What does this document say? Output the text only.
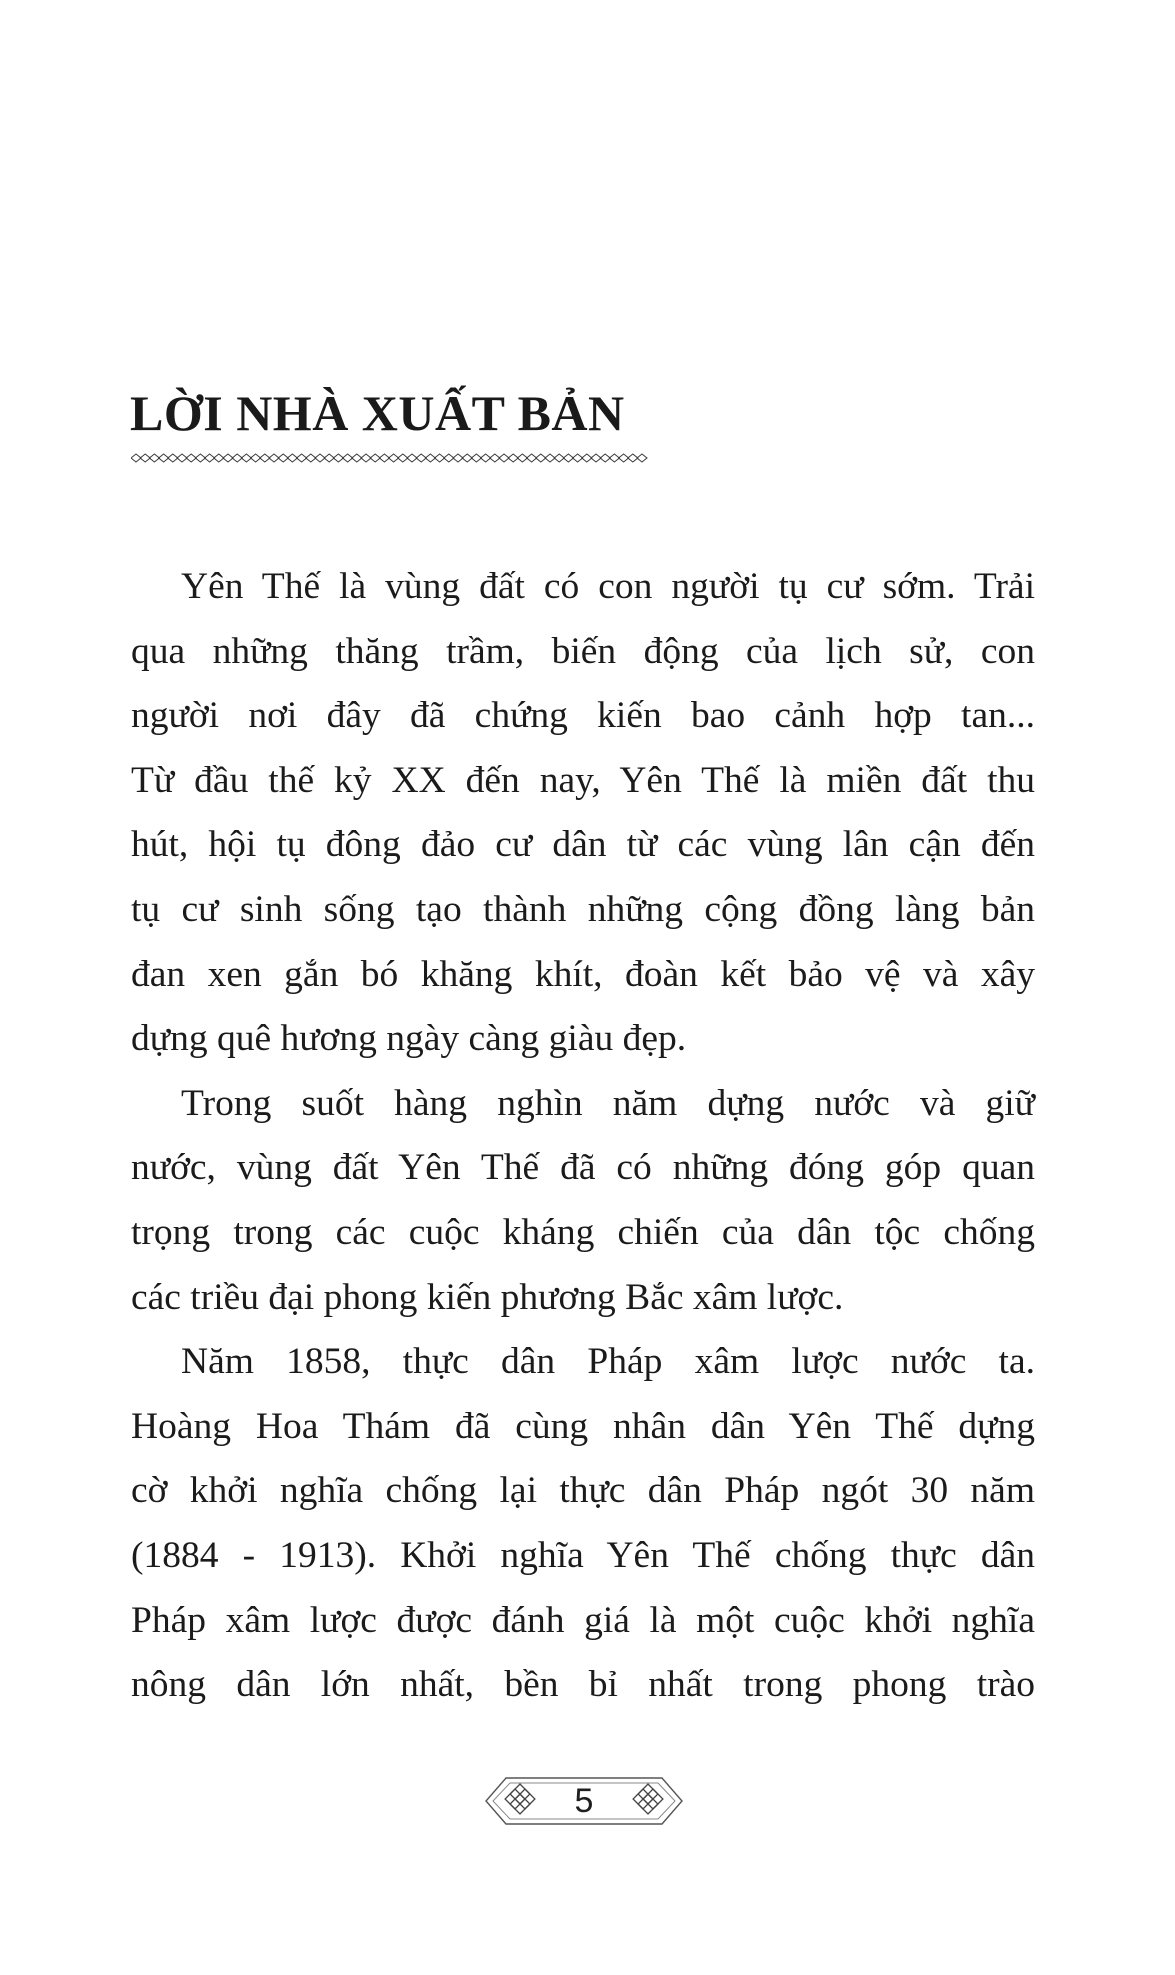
LỜI NHÀ XUẤT BẢN

Yên Thế là vùng đất có con người tụ cư sớm. Trải
qua những thăng trầm, biến động của lịch sử, con
người nơi đây đã chứng kiến bao cảnh hợp tan...
Từ đầu thế kỷ XX đến nay, Yên Thế là miền đất thu
hút, hội tụ đông đảo cư dân từ các vùng lân cận đến
tụ cư sinh sống tạo thành những cộng đồng làng bản
đan xen gắn bó khăng khít, đoàn kết bảo vệ và xây
dựng quê hương ngày càng giàu đẹp.

Trong suốt hàng nghìn năm dựng nước và giữ
nước, vùng đất Yên Thế đã có những đóng góp quan
trọng trong các cuộc kháng chiến của dân tộc chống
các triều đại phong kiến phương Bắc xâm lược.

Năm 1858, thực dân Pháp xâm lược nước ta.
Hoàng Hoa Thám đã cùng nhân dân Yên Thế dựng
cờ khởi nghĩa chống lại thực dân Pháp ngót 30 năm
(1884 - 1913). Khởi nghĩa Yên Thế chống thực dân
Pháp xâm lược được đánh giá là một cuộc khởi nghĩa
nông dân lớn nhất, bền bỉ nhất trong phong trào

5
